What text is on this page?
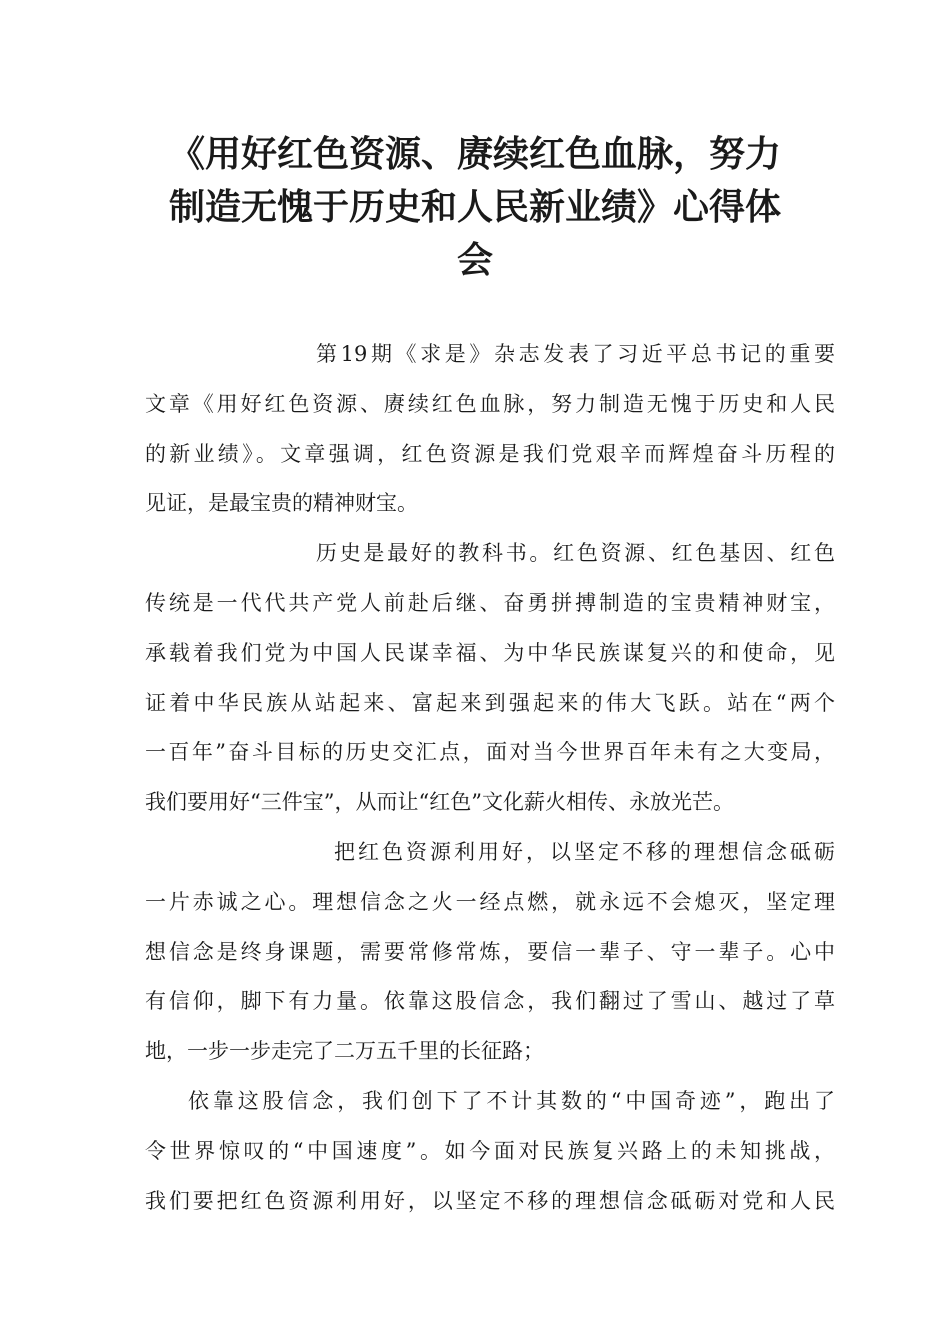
《用好红色资源、赓续红色血脉，努力
制造无愧于历史和人民新业绩》心得体
会
第19期《求是》杂志发表了习近平总书记的重要
文章《用好红色资源、赓续红色血脉，努力制造无愧于历史和人民
的新业绩》。文章强调，红色资源是我们党艰辛而辉煌奋斗历程的
见证，是最宝贵的精神财宝。
历史是最好的教科书。红色资源、红色基因、红色
传统是一代代共产党人前赴后继、奋勇拼搏制造的宝贵精神财宝，
承载着我们党为中国人民谋幸福、为中华民族谋复兴的和使命，见
证着中华民族从站起来、富起来到强起来的伟大飞跃。站在“两个
一百年”奋斗目标的历史交汇点，面对当今世界百年未有之大变局，
我们要用好“三件宝”，从而让“红色”文化薪火相传、永放光芒。
把红色资源利用好，以坚定不移的理想信念砥砺
一片赤诚之心。理想信念之火一经点燃，就永远不会熄灭，坚定理
想信念是终身课题，需要常修常炼，要信一辈子、守一辈子。心中
有信仰，脚下有力量。依靠这股信念，我们翻过了雪山、越过了草
地，一步一步走完了二万五千里的长征路；
依靠这股信念，我们创下了不计其数的“中国奇迹”，跑出了
令世界惊叹的“中国速度”。如今面对民族复兴路上的未知挑战，
我们要把红色资源利用好，以坚定不移的理想信念砥砺对党和人民
